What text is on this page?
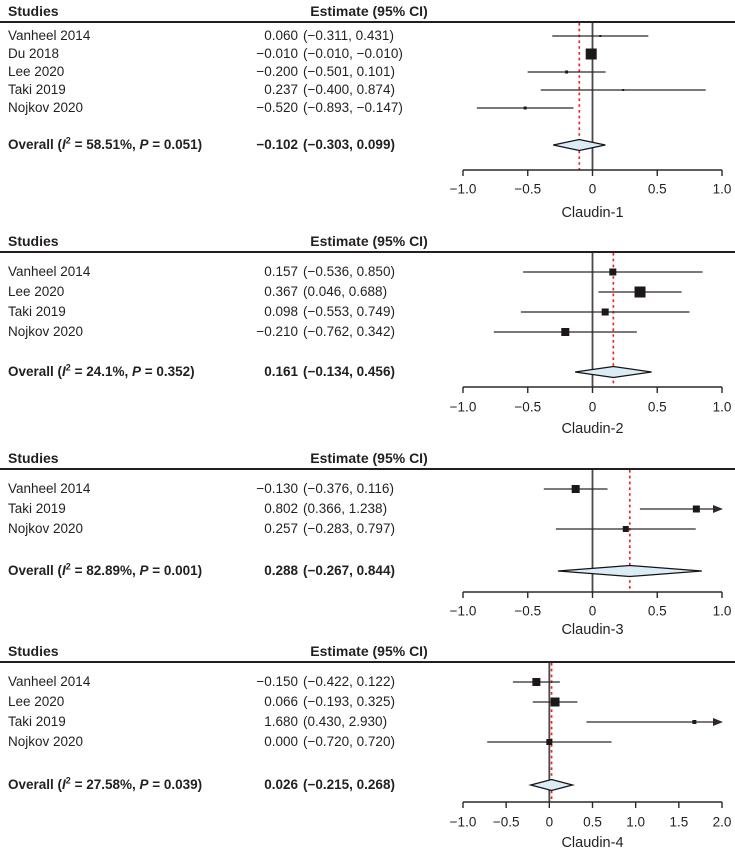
Studies	Estimate (95% CI)
Vanheel 2014	0.060 (−0.311, 0.431)
Du 2018	−0.010 (−0.010, −0.010)
Lee 2020	−0.200 (−0.501, 0.101)
Taki 2019	0.237 (−0.400, 0.874)
Nojkov 2020	−0.520 (−0.893, −0.147)
Overall ($I^2 = 58.51\%$, P = 0.051)	−0.102 (−0.303, 0.099)
−1.0	−0.5	0	0.5	1.0
Claudin-1
Studies	Estimate (95% CI)
Vanheel 2014	0.157 (−0.536, 0.850)
Lee 2020	0.367 (0.046, 0.688)
Taki 2019	0.098 (−0.553, 0.749)
Nojkov 2020	−0.210 (−0.762, 0.342)
Overall ($I^2 = 24.1\%$, P = 0.352)	0.161 (−0.134, 0.456)
−1.0	−0.5	0	0.5	1.0
Claudin-2
Studies	Estimate (95% CI)
Vanheel 2014	−0.130 (−0.376, 0.116)
Taki 2019	0.802 (0.366, 1.238)
Nojkov 2020	0.257 (−0.283, 0.797)
Overall ($I^2 = 82.89\%$, P = 0.001)	0.288 (−0.267, 0.844)
−1.0	−0.5	0	0.5	1.0
Claudin-3
Studies	Estimate (95% CI)
Vanheel 2014	−0.150 (−0.422, 0.122)
Lee 2020	0.066 (−0.193, 0.325)
Taki 2019	1.680 (0.430, 2.930)
Nojkov 2020	0.000 (−0.720, 0.720)
Overall ($I^2 = 27.58\%$, P = 0.039)	0.026 (−0.215, 0.268)
−1.0 −0.5 0 0.5 1.0 1.5 2.0
Claudin-4
